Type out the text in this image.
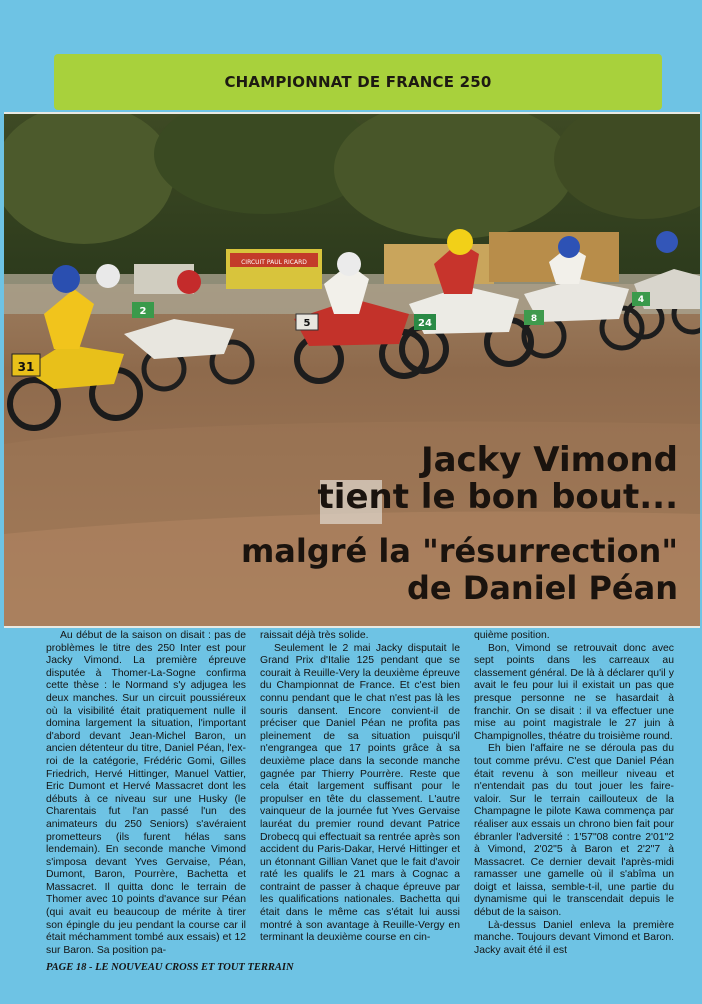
CHAMPIONNAT DE FRANCE 250
CIRCUIT PAUL RICARD
31
2
5	24	8
4
Jacky Vimond
tient le bon bout...
malgré la "résurrection"
de Daniel Péan

Au début de la saison on disait : pas de problèmes le titre des 250 Inter est pour Jacky Vimond. La première épreuve disputée à Thomer-La-Sogne confirma cette thèse : le Normand s'y adjugea les deux manches. Sur un circuit poussiéreux où la visibilité était pratiquement nulle il domina largement la situation, l'important d'abord devant Jean-Michel Baron, un ancien détenteur du titre, Daniel Péan, l'ex-roi de la catégorie, Frédéric Gomi, Gilles Friedrich, Hervé Hittinger, Manuel Vattier, Eric Dumont et Hervé Massacret dont les débuts à ce niveau sur une Husky (le Charentais fut l'an passé l'un des animateurs du 250 Seniors) s'avéraient prometteurs (ils furent hélas sans lendemain). En seconde manche Vimond s'imposa devant Yves Gervaise, Péan, Dumont, Baron, Pourrère, Bachetta et Massacret. Il quitta donc le terrain de Thomer avec 10 points d'avance sur Péan (qui avait eu beaucoup de mérite à tirer son épingle du jeu pendant la course car il était méchamment tombé aux essais) et 12 sur Baron. Sa position pa-

raissait déjà très solide.

Seulement le 2 mai Jacky disputait le Grand Prix d'Italie 125 pendant que se courait à Reuille-Very la deuxième épreuve du Championnat de France. Et c'est bien connu pendant que le chat n'est pas là les souris dansent. Encore convient-il de préciser que Daniel Péan ne profita pas pleinement de sa situation puisqu'il n'engrangea que 17 points grâce à sa deuxième place dans la seconde manche gagnée par Thierry Pourrère. Reste que cela était largement suffisant pour le propulser en tête du classement. L'autre vainqueur de la journée fut Yves Gervaise lauréat du premier round devant Patrice Drobecq qui effectuait sa rentrée après son accident du Paris-Dakar, Hervé Hittinger et un étonnant Gillian Vanet que le fait d'avoir raté les qualifs le 21 mars à Cognac a contraint de passer à chaque épreuve par les qualifications nationales. Bachetta qui était dans le même cas s'était lui aussi montré à son avantage à Reuille-Vergy en terminant la deuxième course en cin-

quième position.

Bon, Vimond se retrouvait donc avec sept points dans les carreaux au classement général. De là à déclarer qu'il y avait le feu pour lui il existait un pas que presque personne ne se hasardait à franchir. On se disait : il va effectuer une mise au point magistrale le 27 juin à Champignolles, théatre du troisième round.

Eh bien l'affaire ne se déroula pas du tout comme prévu. C'est que Daniel Péan était revenu à son meilleur niveau et n'entendait pas du tout jouer les faire-valoir. Sur le terrain caillouteux de la Champagne le pilote Kawa commença par réaliser aux essais un chrono bien fait pour ébranler l'adversité : 1'57"08 contre 2'01"2 à Vimond, 2'02"5 à Baron et 2'2"7 à Massacret. Ce dernier devait l'après-midi ramasser une gamelle où il s'abîma un doigt et laissa, semble-t-il, une partie du dynamisme qui le transcendait depuis le début de la saison.

Là-dessus Daniel enleva la première manche. Toujours devant Vimond et Baron. Jacky avait été il est

PAGE 18 - LE NOUVEAU CROSS ET TOUT TERRAIN
